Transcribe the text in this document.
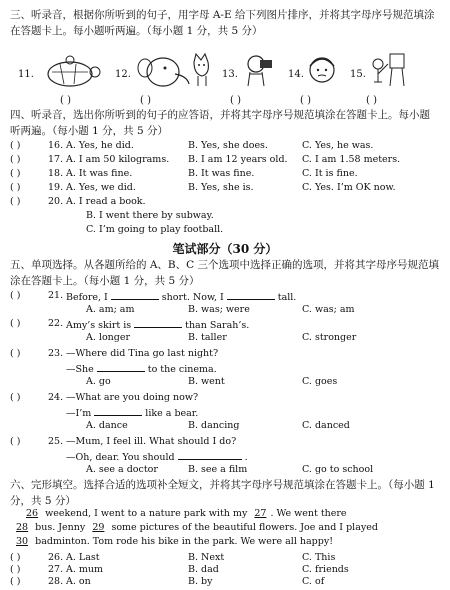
三、听录音，根据你所听到的句子，用字母 A-E 给下列图片排序，并将其字母序号规范填涂在答题卡上。每小题听两遍。（每小题 1 分，共 5 分）
11.	12.	13.	14.	15.
( )	( )	( )	( )	( )
四、听录音，选出你所听到的句子的应答语，并将其字母序号规范填涂在答题卡上。每小题听两遍。（每小题 1 分，共 5 分）
( )	16. A. Yes, he did.	B. Yes, she does.	C. Yes, he was.
( )	17. A. I am 50 kilograms. B. I am 12 years old. C. I am 1.58 meters.
( )	18. A. It was fine.	B. It was fine.	C. It is fine.
( )	19. A. Yes, we did.	B. Yes, she is.	C. Yes. I’m OK now.
( )	20. A. I read a book.
B. I went there by subway.
C. I’m going to play football.
笔试部分（30 分）
五、单项选择。从各题所给的 A、B、C 三个选项中选择正确的选项，并将其字母序号规范填涂在答题卡上。（每小题 1 分，共 5 分）
( )	21. Before, I	short. Now, I	tall.
A. am; am	B. was; were	C. was; am
( )	22. Amy’s skirt is	than Sarah’s.
A. longer	B. taller	C. stronger
( )	23. —Where did Tina go last night?
—She	to the cinema.
A. go	B. went	C. goes
( )	24. —What are you doing now?
—I’m	like a bear.
A. dance	B. dancing	C. danced
( )	25. —Mum, I feel ill. What should I do?
—Oh, dear. You should	.
A. see a doctor	B. see a film	C. go to school
六、完形填空。选择合适的选项补全短文，并将其字母序号规范填涂在答题卡上。（每小题 1 分，共 5 分）
26 weekend, I went to a nature park with my 27 . We went there
28 bus. Jenny 29 some pictures of the beautiful flowers. Joe and I played
30 badminton. Tom rode his bike in the park. We were all happy!
( )	26. A. Last	B. Next	C. This
( )	27. A. mum	B. dad	C. friends
( )	28. A. on	B. by	C. of
